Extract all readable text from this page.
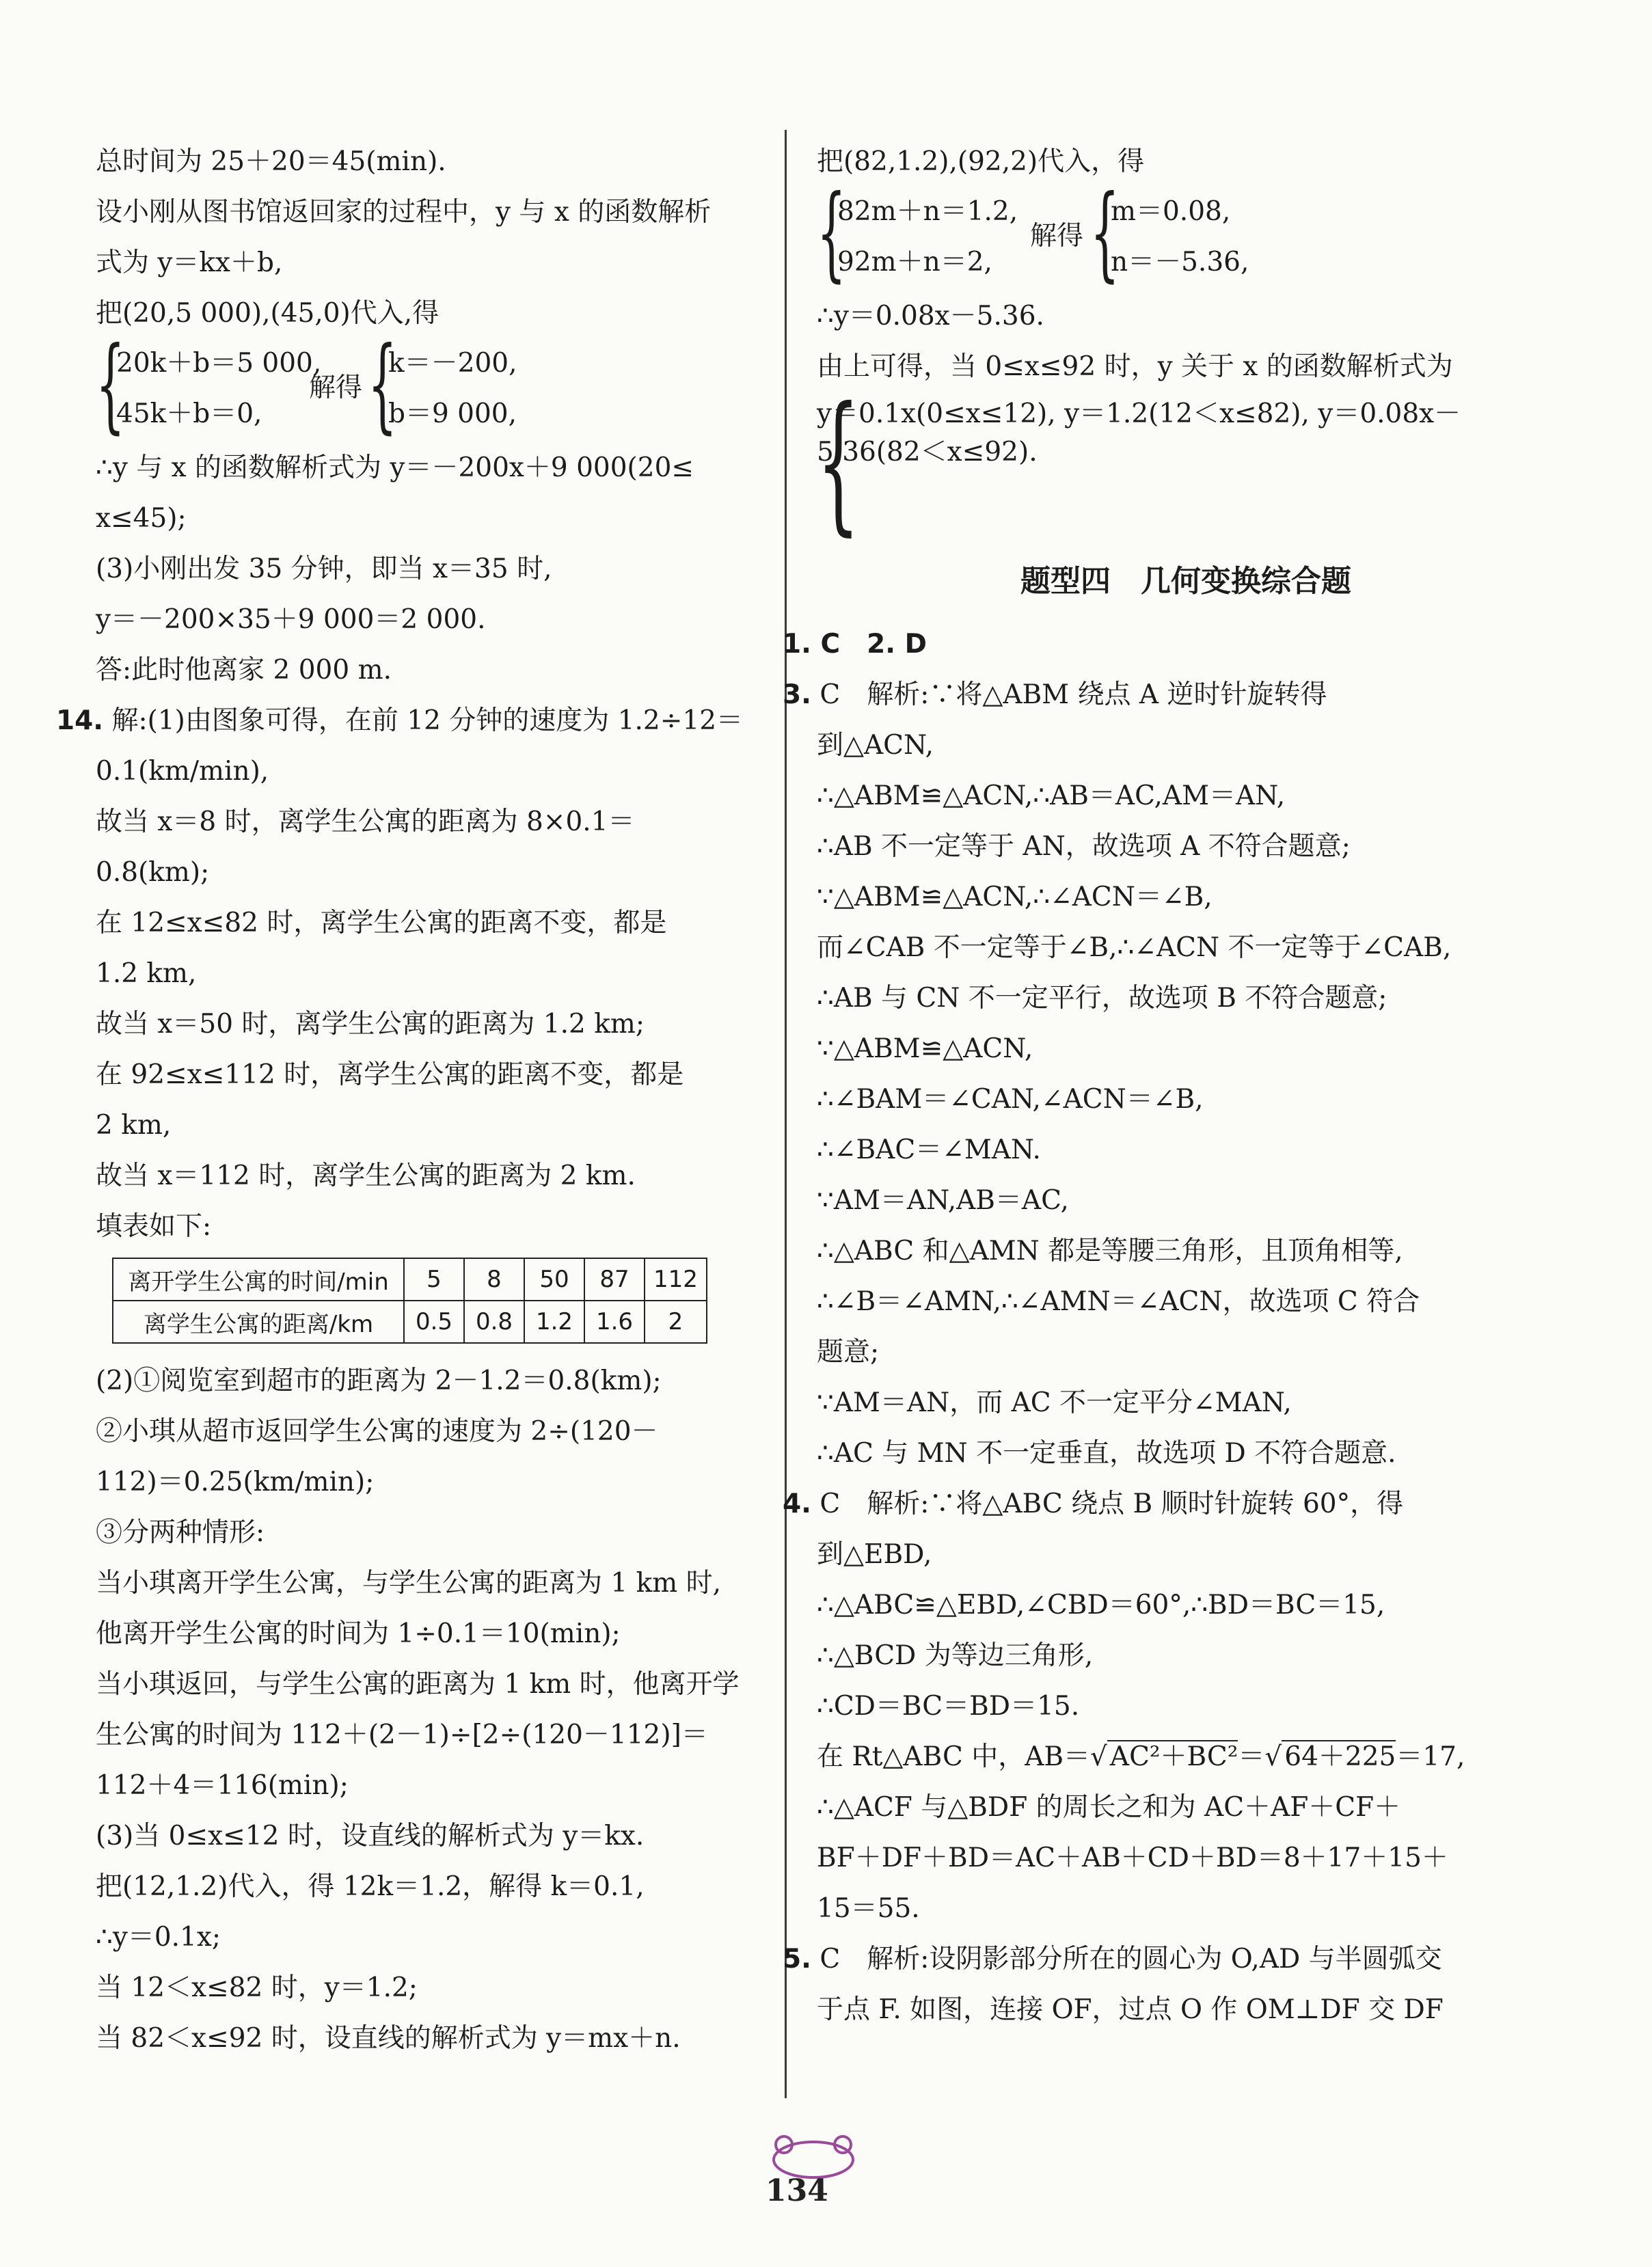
总时间为 25＋20＝45(min).
设小刚从图书馆返回家的过程中，y 与 x 的函数解析
式为 y＝kx＋b,
把(20,5 000),(45,0)代入,得
{
20k＋b＝5 000,
45k＋b＝0,
解得 {
k＝－200,
b＝9 000,
∴y 与 x 的函数解析式为 y＝－200x＋9 000(20≤
x≤45);
(3)小刚出发 35 分钟，即当 x＝35 时,
y＝－200×35＋9 000＝2 000.
答:此时他离家 2 000 m.
14. 解:(1)由图象可得，在前 12 分钟的速度为 1.2÷12＝
0.1(km/min),
故当 x＝8 时，离学生公寓的距离为 8×0.1＝
0.8(km);
在 12≤x≤82 时，离学生公寓的距离不变，都是
1.2 km,
故当 x＝50 时，离学生公寓的距离为 1.2 km;
在 92≤x≤112 时，离学生公寓的距离不变，都是
2 km,
故当 x＝112 时，离学生公寓的距离为 2 km.
填表如下:
离开学生公寓的时间/min	5	8	50	87	112
离学生公寓的距离/km	0.5	0.8	1.2	1.6	2
(2)①阅览室到超市的距离为 2－1.2＝0.8(km);
②小琪从超市返回学生公寓的速度为 2÷(120－
112)＝0.25(km/min);
③分两种情形:
当小琪离开学生公寓，与学生公寓的距离为 1 km 时,
他离开学生公寓的时间为 1÷0.1＝10(min);
当小琪返回，与学生公寓的距离为 1 km 时，他离开学
生公寓的时间为 112＋(2－1)÷[2÷(120－112)]＝
112＋4＝116(min);
(3)当 0≤x≤12 时，设直线的解析式为 y＝kx.
把(12,1.2)代入，得 12k＝1.2，解得 k＝0.1,
∴y＝0.1x;
当 12＜x≤82 时，y＝1.2;
当 82＜x≤92 时，设直线的解析式为 y＝mx＋n.
把(82,1.2),(92,2)代入，得
{
82m＋n＝1.2,
92m＋n＝2,
解得 {
m＝0.08,
n＝－5.36,
∴y＝0.08x－5.36.
由上可得，当 0≤x≤92 时，y 关于 x 的函数解析式为
{
y＝0.1x(0≤x≤12), y＝1.2(12＜x≤82), y＝0.08x－5.36(82＜x≤92).
题型四　几何变换综合题
1. C　2. D
3. C　解析:∵将△ABM 绕点 A 逆时针旋转得
到△ACN,
∴△ABM≌△ACN,∴AB＝AC,AM＝AN,
∴AB 不一定等于 AN，故选项 A 不符合题意;
∵△ABM≌△ACN,∴∠ACN＝∠B,
而∠CAB 不一定等于∠B,∴∠ACN 不一定等于∠CAB,
∴AB 与 CN 不一定平行，故选项 B 不符合题意;
∵△ABM≌△ACN,
∴∠BAM＝∠CAN,∠ACN＝∠B,
∴∠BAC＝∠MAN.
∵AM＝AN,AB＝AC,
∴△ABC 和△AMN 都是等腰三角形，且顶角相等,
∴∠B＝∠AMN,∴∠AMN＝∠ACN，故选项 C 符合
题意;
∵AM＝AN，而 AC 不一定平分∠MAN,
∴AC 与 MN 不一定垂直，故选项 D 不符合题意.
4. C　解析:∵将△ABC 绕点 B 顺时针旋转 60°，得
到△EBD,
∴△ABC≌△EBD,∠CBD＝60°,∴BD＝BC＝15,
∴△BCD 为等边三角形,
∴CD＝BC＝BD＝15.
在 Rt△ABC 中，AB＝√ AC²＋BC²＝√ 64＋225＝17,
∴△ACF 与△BDF 的周长之和为 AC＋AF＋CF＋
BF＋DF＋BD＝AC＋AB＋CD＋BD＝8＋17＋15＋
15＝55.
5. C　解析:设阴影部分所在的圆心为 O,AD 与半圆弧交
于点 F. 如图，连接 OF，过点 O 作 OM⊥DF 交 DF
134
